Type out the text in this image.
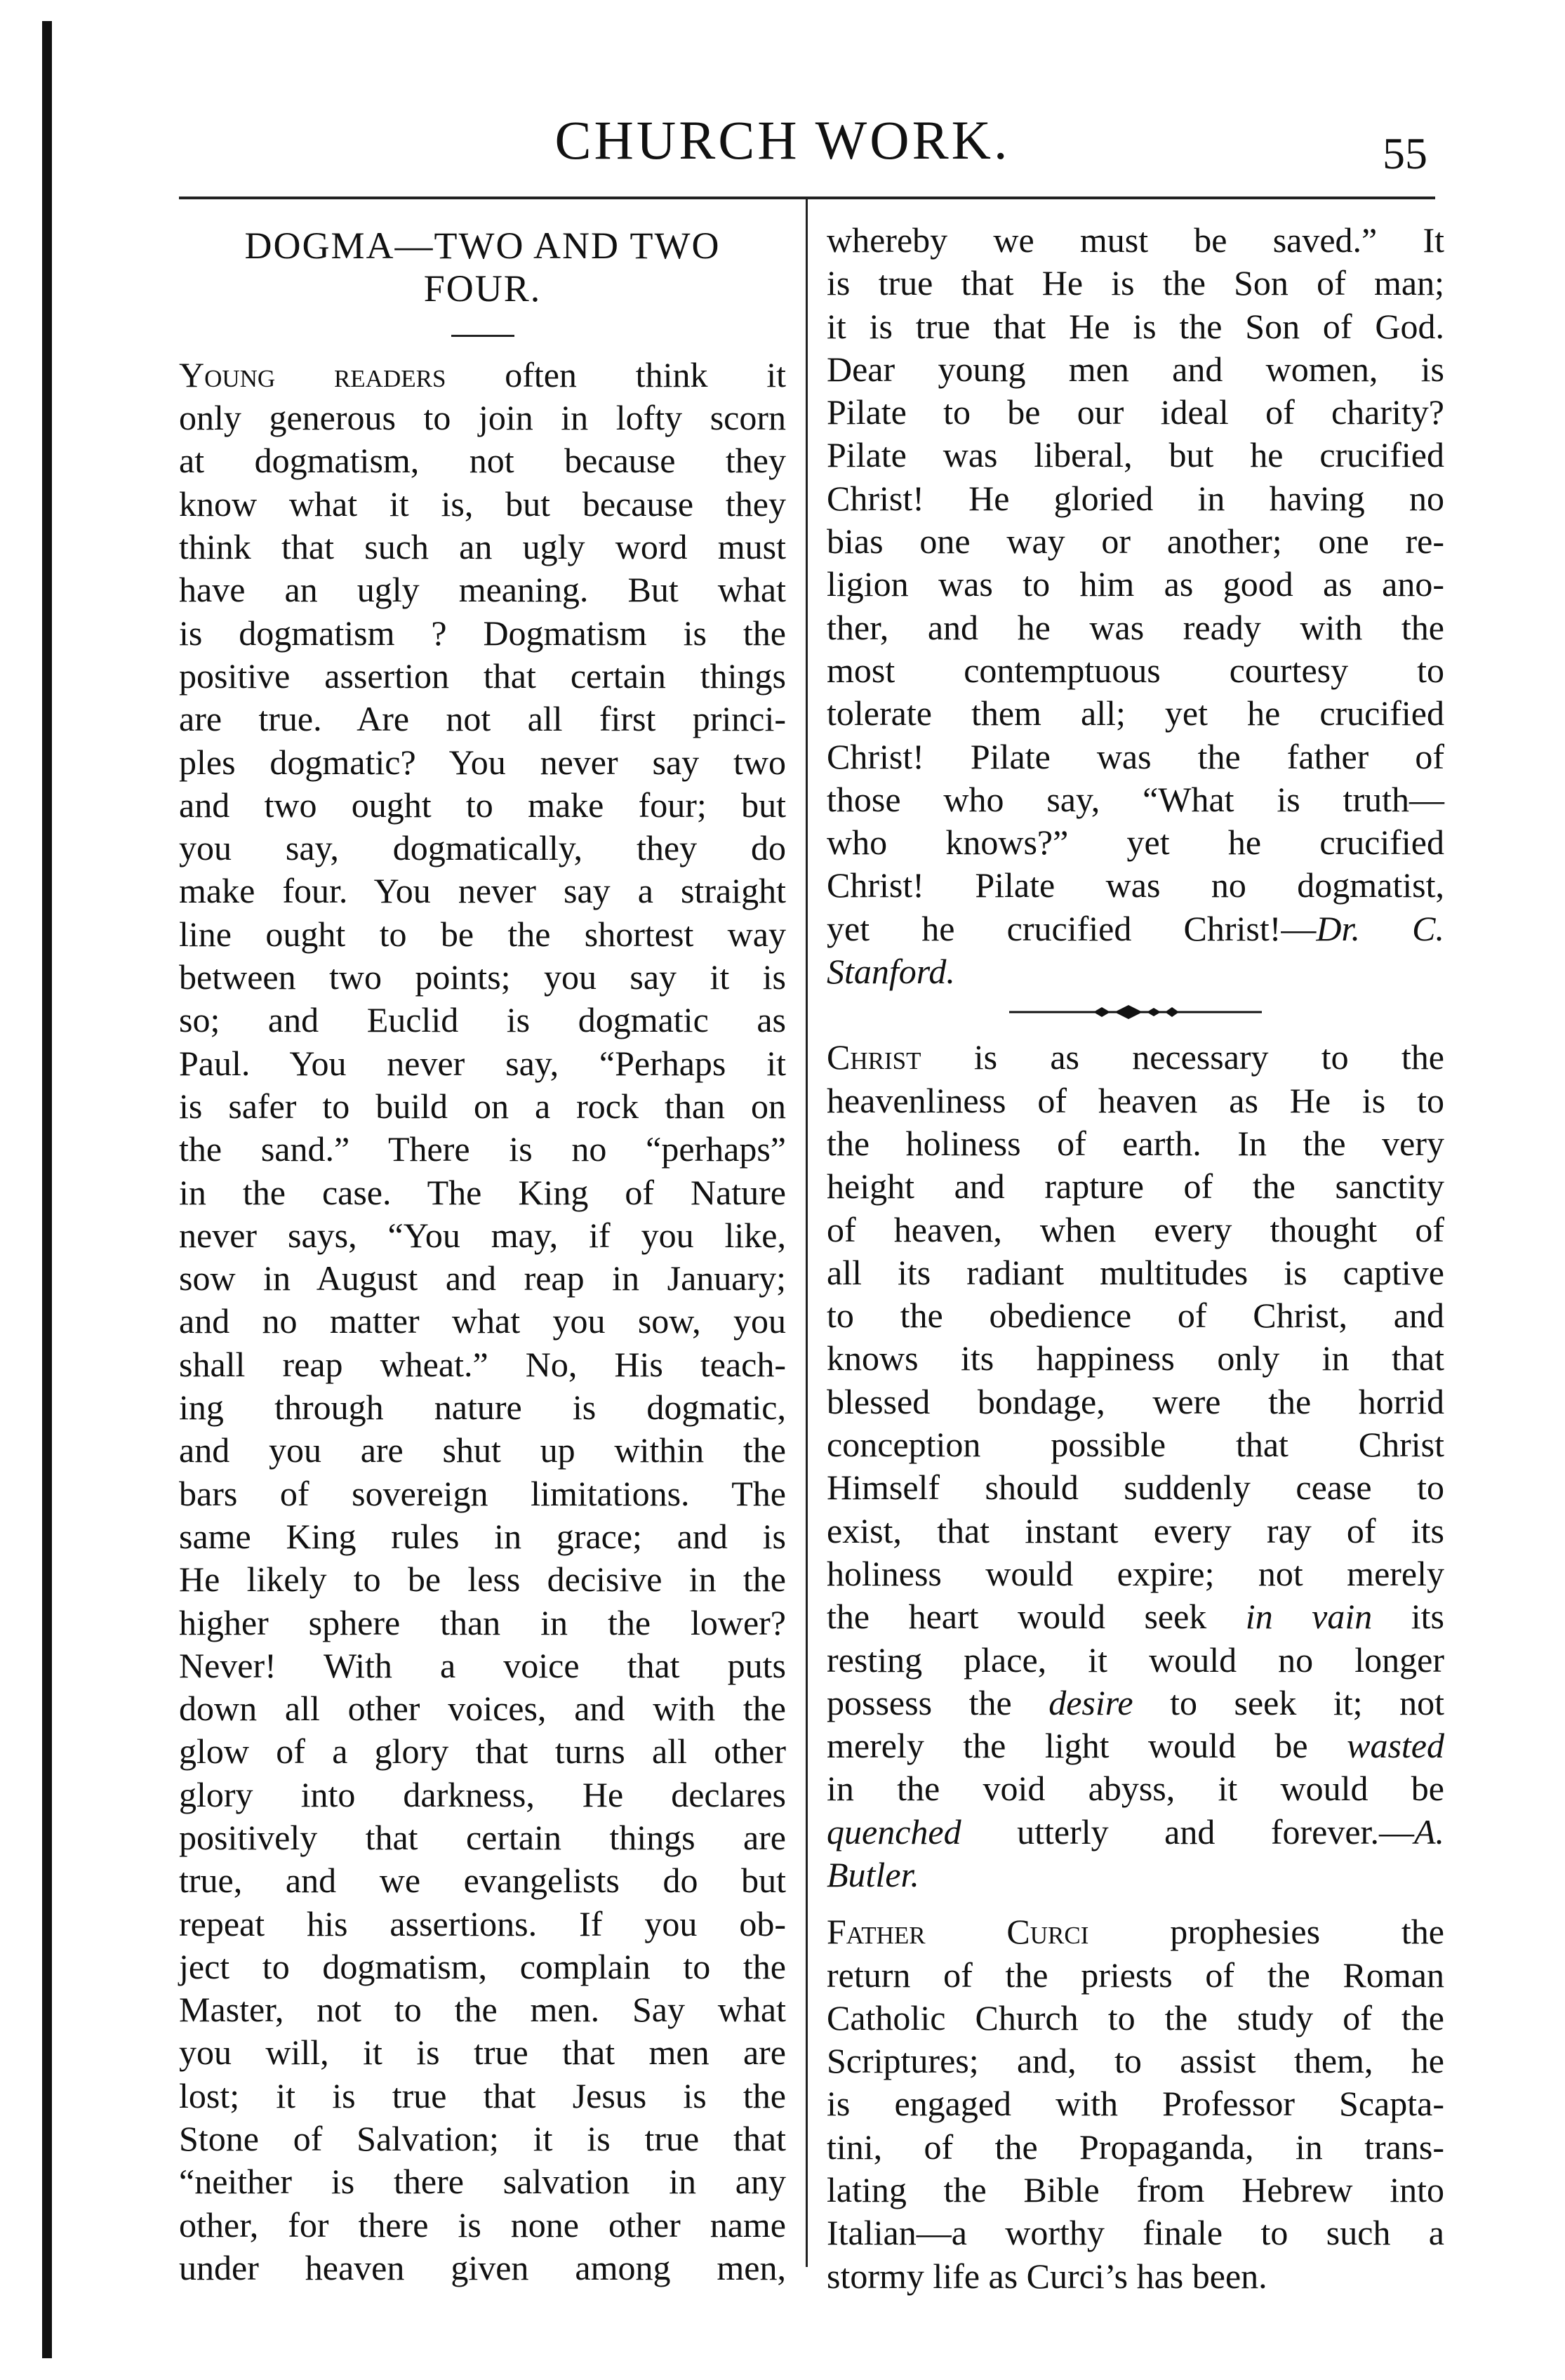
CHURCH WORK.	55
DOGMA—TWO AND TWO
FOUR.
Young readers often think it
only generous to join in lofty scorn
at dogmatism, not because they
know what it is, but because they
think that such an ugly word must
have an ugly meaning. But what
is dogmatism ? Dogmatism is the
positive assertion that certain things
are true. Are not all first princi-
ples dogmatic? You never say two
and two ought to make four; but
you say, dogmatically, they do
make four. You never say a straight
line ought to be the shortest way
between two points; you say it is
so; and Euclid is dogmatic as
Paul. You never say, “Perhaps it
is safer to build on a rock than on
the sand.” There is no “perhaps”
in the case. The King of Nature
never says, “You may, if you like,
sow in August and reap in January;
and no matter what you sow, you
shall reap wheat.” No, His teach-
ing through nature is dogmatic,
and you are shut up within the
bars of sovereign limitations. The
same King rules in grace; and is
He likely to be less decisive in the
higher sphere than in the lower?
Never! With a voice that puts
down all other voices, and with the
glow of a glory that turns all other
glory into darkness, He declares
positively that certain things are
true, and we evangelists do but
repeat his assertions. If you ob-
ject to dogmatism, complain to the
Master, not to the men. Say what
you will, it is true that men are
lost; it is true that Jesus is the
Stone of Salvation; it is true that
“neither is there salvation in any
other, for there is none other name
under heaven given among men,
whereby we must be saved.” It
is true that He is the Son of man;
it is true that He is the Son of God.
Dear young men and women, is
Pilate to be our ideal of charity?
Pilate was liberal, but he crucified
Christ! He gloried in having no
bias one way or another; one re-
ligion was to him as good as ano-
ther, and he was ready with the
most contemptuous courtesy to
tolerate them all; yet he crucified
Christ! Pilate was the father of
those who say, “What is truth—
who knows?” yet he crucified
Christ! Pilate was no dogmatist,
yet he crucified Christ!—Dr. C.
Stanford.
Christ is as necessary to the
heavenliness of heaven as He is to
the holiness of earth. In the very
height and rapture of the sanctity
of heaven, when every thought of
all its radiant multitudes is captive
to the obedience of Christ, and
knows its happiness only in that
blessed bondage, were the horrid
conception possible that Christ
Himself should suddenly cease to
exist, that instant every ray of its
holiness would expire; not merely
the heart would seek in vain its
resting place, it would no longer
possess the desire to seek it; not
merely the light would be wasted
in the void abyss, it would be
quenched utterly and forever.—A.
Butler.
Father Curci prophesies the
return of the priests of the Roman
Catholic Church to the study of the
Scriptures; and, to assist them, he
is engaged with Professor Scapta-
tini, of the Propaganda, in trans-
lating the Bible from Hebrew into
Italian—a worthy finale to such a
stormy life as Curci’s has been.
